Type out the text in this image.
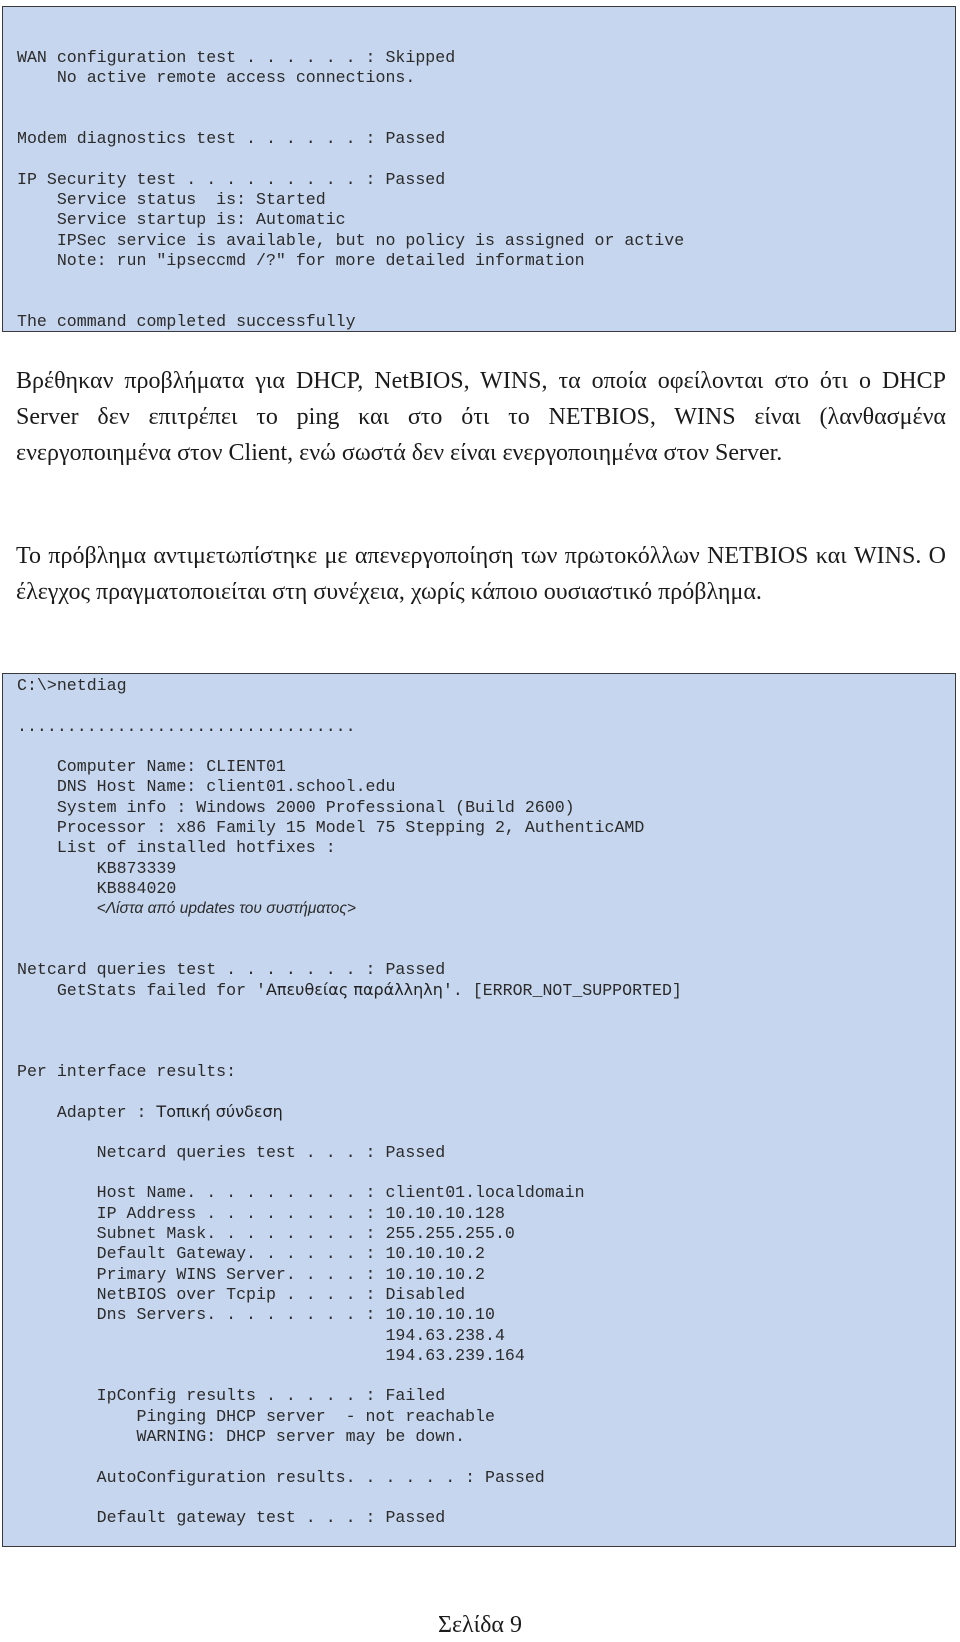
WAN configuration test . . . . . . : Skipped
No active remote access connections.
Modem diagnostics test . . . . . . : Passed
IP Security test . . . . . . . . . : Passed
Service status  is: Started
Service startup is: Automatic
IPSec service is available, but no policy is assigned or active
Note: run "ipseccmd /?" for more detailed information
The command completed successfully

Βρέθηκαν προβλήματα για DHCP, NetBIOS, WINS, τα οποία οφείλονται στο ότι ο DHCP Server δεν επιτρέπει το ping και στο ότι το NETBIOS, WINS είναι (λανθασμένα ενεργοποιημένα στον Client, ενώ σωστά δεν είναι ενεργοποιημένα στον Server.

Το πρόβλημα αντιμετωπίστηκε με απενεργοποίηση των πρωτοκόλλων NETBIOS και WINS. Ο έλεγχος πραγματοποιείται στη συνέχεια, χωρίς κάποιο ουσιαστικό πρόβλημα.

C:\>netdiag
..................................
Computer Name: CLIENT01
DNS Host Name: client01.school.edu
System info : Windows 2000 Professional (Build 2600)
Processor : x86 Family 15 Model 75 Stepping 2, AuthenticAMD
List of installed hotfixes :
KB873339
KB884020
<Λίστα από updates του συστήματος>
Netcard queries test . . . . . . . : Passed
GetStats failed for 'Απευθείας παράλληλη'. [ERROR_NOT_SUPPORTED]
Per interface results:
Adapter : Τοπική σύνδεση
Netcard queries test . . . : Passed
Host Name. . . . . . . . . : client01.localdomain
IP Address . . . . . . . . : 10.10.10.128
Subnet Mask. . . . . . . . : 255.255.255.0
Default Gateway. . . . . . : 10.10.10.2
Primary WINS Server. . . . : 10.10.10.2
NetBIOS over Tcpip . . . . : Disabled
Dns Servers. . . . . . . . : 10.10.10.10
194.63.238.4
194.63.239.164
IpConfig results . . . . . : Failed
Pinging DHCP server  - not reachable
WARNING: DHCP server may be down.
AutoConfiguration results. . . . . . : Passed
Default gateway test . . . : Passed
Σελίδα 9
